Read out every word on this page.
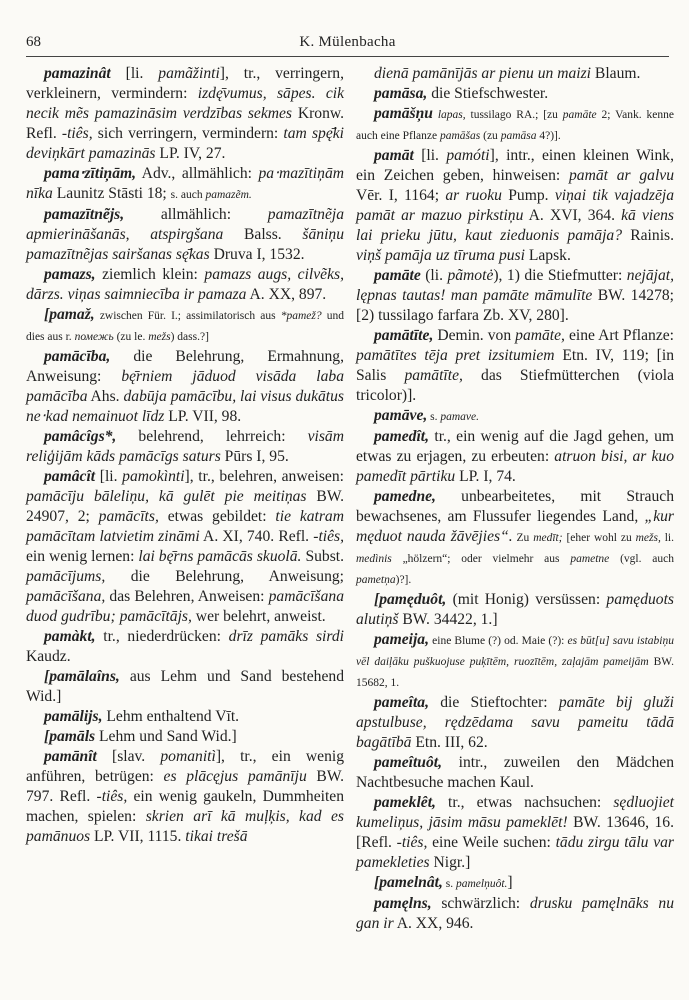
68	K. Mülenbacha

pamazinât [li. pamãžinti], tr., verringern, verkleinern, vermindern: izdę̄vumus, sāpes. cik necik mẽs pamazināsim verdzības sekmes Kronw. Refl. -tiês, sich verringern, vermindern: tam spę̄ki deviņkārt pamazinās LP. IV, 27.

pama‧zītiņām, Adv., allmählich: pa‧mazītiņām nīka Launitz Stāsti 18; s. auch pamazẽm.

pamazītnẽjs, allmählich: pamazītnẽja apmierināšanās, atspirgšana Balss. šāniņu pamazītnẽjas sairšanas sę̄kas Druva I, 1532.

pamazs, ziemlich klein: pamazs augs, cilvẽks, dārzs. viņas saimniecība ir pamaza A. XX, 897.

[pamaž, zwischen Für. I.; assimilatorisch aus *pamež? und dies aus r. помежь (zu le. mežs) dass.?]

pamācība, die Belehrung, Ermahnung, Anweisung: bę̄rniem jāduod visāda laba pamācība Ahs. dabūja pamācību, lai visus dukātus ne‧kad nemainuot līdz LP. VII, 98.

pamâcîgs*, belehrend, lehrreich: visām reliģijām kāds pamācīgs saturs Pūrs I, 95.

pamâcît [li. pamokìnti], tr., belehren, anweisen: pamācīju bāleliņu, kā gulēt pie meitiņas BW. 24907, 2; pamācīts, etwas gebildet: tie katram pamācītam latvietim zināmi A. XI, 740. Refl. -tiês, ein wenig lernen: lai bę̄rns pamācās skuolā. Subst. pamācījums, die Belehrung, Anweisung; pamācīšana, das Belehren, Anweisen: pamācīšana duod gudrību; pamācītājs, wer belehrt, anweist.

pamàkt, tr., niederdrücken: drīz pamāks sirdi Kaudz.

[pamālaîns, aus Lehm und Sand bestehend Wid.]

pamālijs, Lehm enthaltend Vīt.

[pamāls Lehm und Sand Wid.]

pamānît [slav. pomanitì], tr., ein wenig anführen, betrügen: es plācęjus pamānīju BW. 797. Refl. -tiês, ein wenig gaukeln, Dummheiten machen, spielen: skrien arī kā muļķis, kad es pamānuos LP. VII, 1115. tikai trešā

dienā pamānījās ar pienu un maizi Blaum.

pamāsa, die Stiefschwester.

pamāšņu lapas, tussilago RA.; [zu pamāte 2; Vank. kenne auch eine Pflanze pamāšas (zu pamāsa 4?)].

pamāt [li. pamóti], intr., einen kleinen Wink, ein Zeichen geben, hinweisen: pamāt ar galvu Vēr. I, 1164; ar ruoku Pump. viņai tik vajadzēja pamāt ar mazuo pirkstiņu A. XVI, 364. kā viens lai prieku jūtu, kaut zieduonis pamāja? Rainis. viņš pamāja uz tīruma pusi Lapsk.

pamāte (li. pãmotė), 1) die Stiefmutter: nejājat, lępnas tautas! man pamāte māmulīte BW. 14278; [2) tussilago farfara Zb. XV, 280].

pamātīte, Demin. von pamāte, eine Art Pflanze: pamātītes tēja pret izsitumiem Etn. IV, 119; [in Salis pamātīte, das Stiefmütterchen (viola tricolor)].

pamāve, s. pamave.

pamedît, tr., ein wenig auf die Jagd gehen, um etwas zu erjagen, zu erbeuten: atruon bisi, ar kuo pamedīt pārtiku LP. I, 74.

pamedne, unbearbeitetes, mit Strauch bewachsenes, am Flussufer liegendes Land, „kur męduot nauda žāvējies“. Zu medīt; [eher wohl zu mežs, li. medìnis „hölzern“; oder vielmehr aus pametne (vgl. auch pametņa)?].

[pamęduôt, (mit Honig) versüssen: pamęduots alutiņš BW. 34422, 1.]

pameija, eine Blume (?) od. Maie (?): es būt[u] savu istabiņu vēl daiļāku puškuojuse puķītēm, ruozītēm, zaļajām pameijām BW. 15682, 1.

pameîta, die Stieftochter: pamāte bij gluži apstulbuse, rędzēdama savu pameitu tādā bagātībā Etn. III, 62.

pameîtuôt, intr., zuweilen den Mädchen Nachtbesuche machen Kaul.

pameklêt, tr., etwas nachsuchen: sędluojiet kumeliņus, jāsim māsu pameklēt! BW. 13646, 16. [Refl. -tiês, eine Weile suchen: tādu zirgu tālu var pamekleties Nigr.]

[pamelnât, s. pamelņuôt.]

pamęlns, schwärzlich: drusku pamęlnāks nu gan ir A. XX, 946.
